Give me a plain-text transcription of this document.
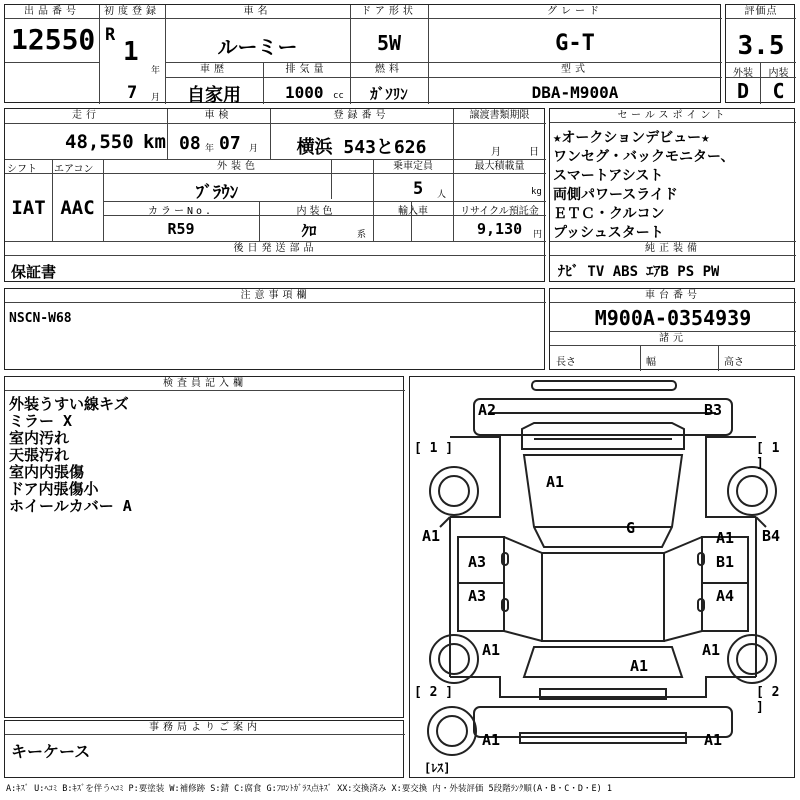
出品番号
12550
初度登録
R
1
年
7 月
車名
ルーミー
ドア形状
5W
グレード
G-T
車歴
自家用
排気量
1000 cc
燃料
ｶﾞｿﾘﾝ
型式
DBA-M900A
評価点
3.5
外装	内装
D	C
走行
48,550 km
車検
08 年 07 月
登録番号
横浜 543と626
譲渡書類期限
月	日
シフト	エアコン
IAT AAC
外装色
ﾌﾞﾗｳﾝ
乗車定員
5 人
最大積載量
kg
カラーNo.
R59
内装色
ｸﾛ	系
輸入車	リサイクル預託金
9,130 円
後日発送部品
保証書
セールスポイント
★オークションデビュー★
ワンセグ・バックモニター、
スマートアシスト
両側パワースライド
ＥＴＣ・クルコン
プッシュスタート
純正装備
ﾅﾋﾞ TV ABS ｴｱB PS PW
注意事項欄
NSCN-W68
車台番号
M900A-0354939
諸元
長さ	幅	高さ
検査員記入欄
外装うすい線キズ
ミラー X
室内汚れ
天張汚れ
室内内張傷
ドア内張傷小
ホイールカバー A
事務局よりご案内
キーケース
[ 1 ]	[ 1 ]
[ 2 ]	[ 2 ]
[ﾚｽ]
A2	B3
A1
G
A1	A1 B4
B1
A3
A3	A4
A1	A1
A1
A1	A1
A:ｷｽﾞ U:ﾍｺﾐ B:ｷｽﾞを伴うﾍｺﾐ P:要塗装 W:補修跡 S:錆 C:腐食 G:ﾌﾛﾝﾄｶﾞﾗｽ点ｷｽﾞ XX:交換済み X:要交換 内・外装評価 5段階ﾗﾝｸ順(A・B・C・D・E) 1
